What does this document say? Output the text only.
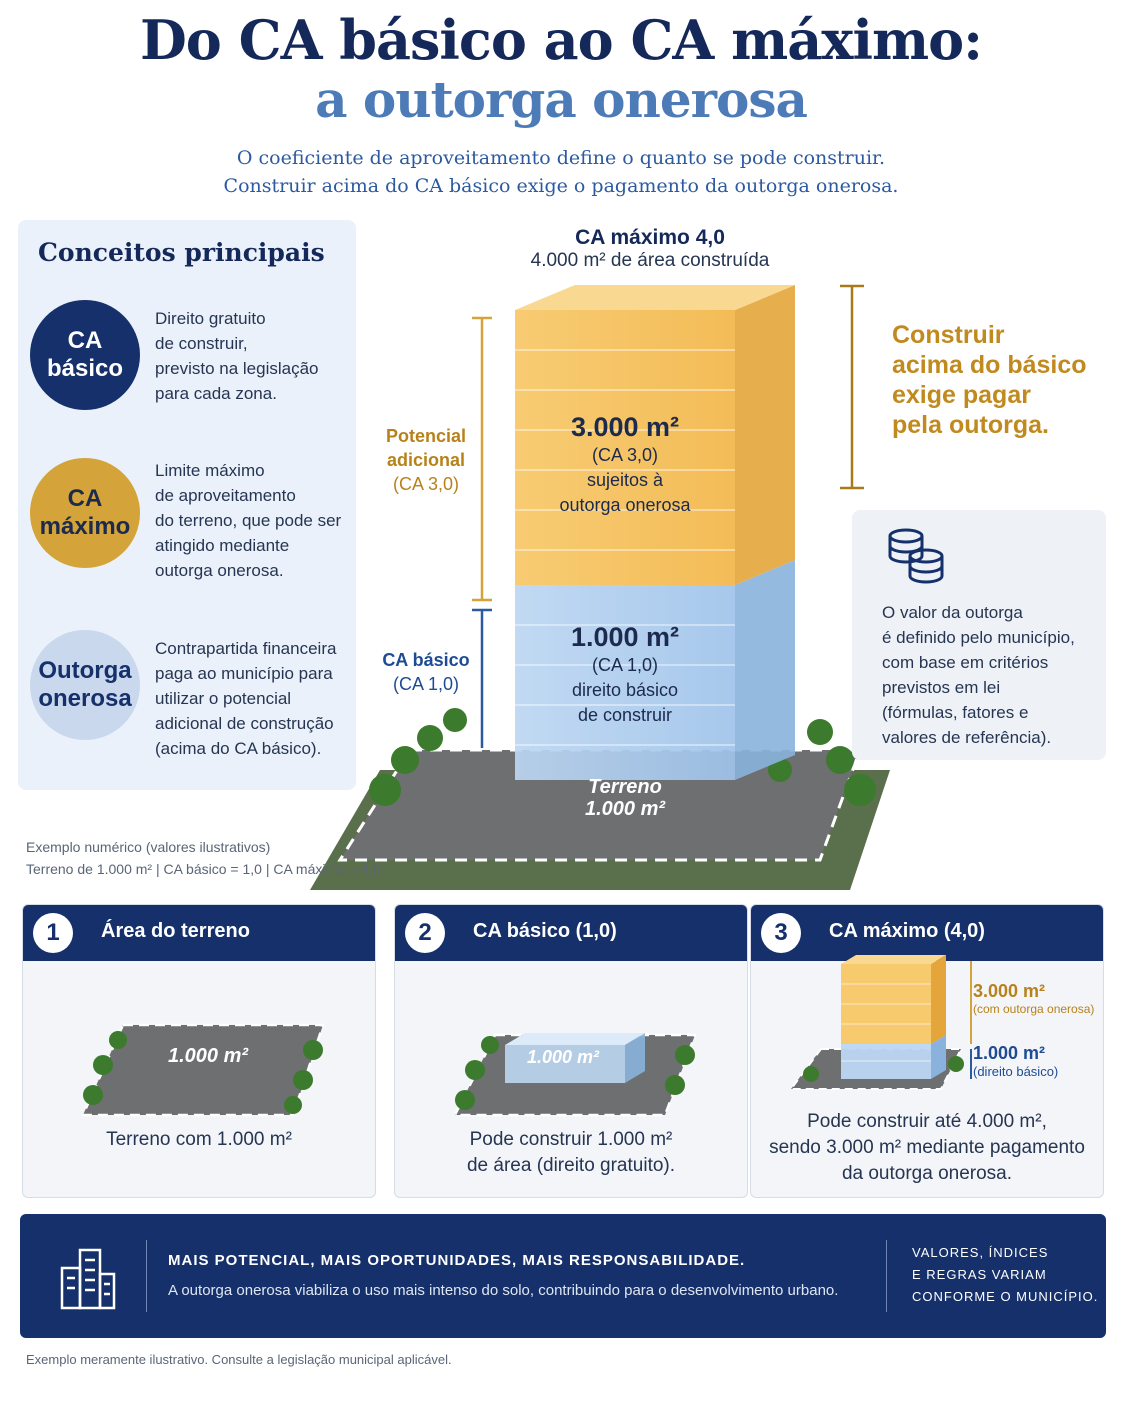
Do CA básico ao CA máximo:
a outorga onerosa
O coeficiente de aproveitamento define o quanto se pode construir.
Construir acima do CA básico exige o pagamento da outorga onerosa.
Conceitos principais
CA
básico
Direito gratuito
de construir,
previsto na legislação
para cada zona.
CA
máximo
Limite máximo
de aproveitamento
do terreno, que pode ser
atingido mediante
outorga onerosa.
Outorga
onerosa
Contrapartida financeira
paga ao município para
utilizar o potencial
adicional de construção
(acima do CA básico).
CA máximo 4,0
4.000 m² de área construída
3.000 m²
(CA 3,0)
sujeitos à
outorga onerosa
1.000 m²
(CA 1,0)
direito básico
de construir
Terreno
1.000 m²
Potencial
adicional
(CA 3,0)
CA básico
(CA 1,0)
Construir
acima do básico
exige pagar
pela outorga.
O valor da outorga
é definido pelo município,
com base em critérios
previstos em lei
(fórmulas, fatores e
valores de referência).
Exemplo numérico (valores ilustrativos)
Terreno de 1.000 m² | CA básico = 1,0 | CA máximo = 4,0
1	Área do terreno
1.000 m²
Terreno com 1.000 m²
2	CA básico (1,0)
1.000 m²
Pode construir 1.000 m²
de área (direito gratuito).
3	CA máximo (4,0)
3.000 m²
(com outorga onerosa)
1.000 m²
(direito básico)
Pode construir até 4.000 m²,
sendo 3.000 m² mediante pagamento
da outorga onerosa.
MAIS POTENCIAL, MAIS OPORTUNIDADES, MAIS RESPONSABILIDADE.
A outorga onerosa viabiliza o uso mais intenso do solo, contribuindo para o desenvolvimento urbano.
VALORES, ÍNDICES
E REGRAS VARIAM
CONFORME O MUNICÍPIO.
Exemplo meramente ilustrativo. Consulte a legislação municipal aplicável.
